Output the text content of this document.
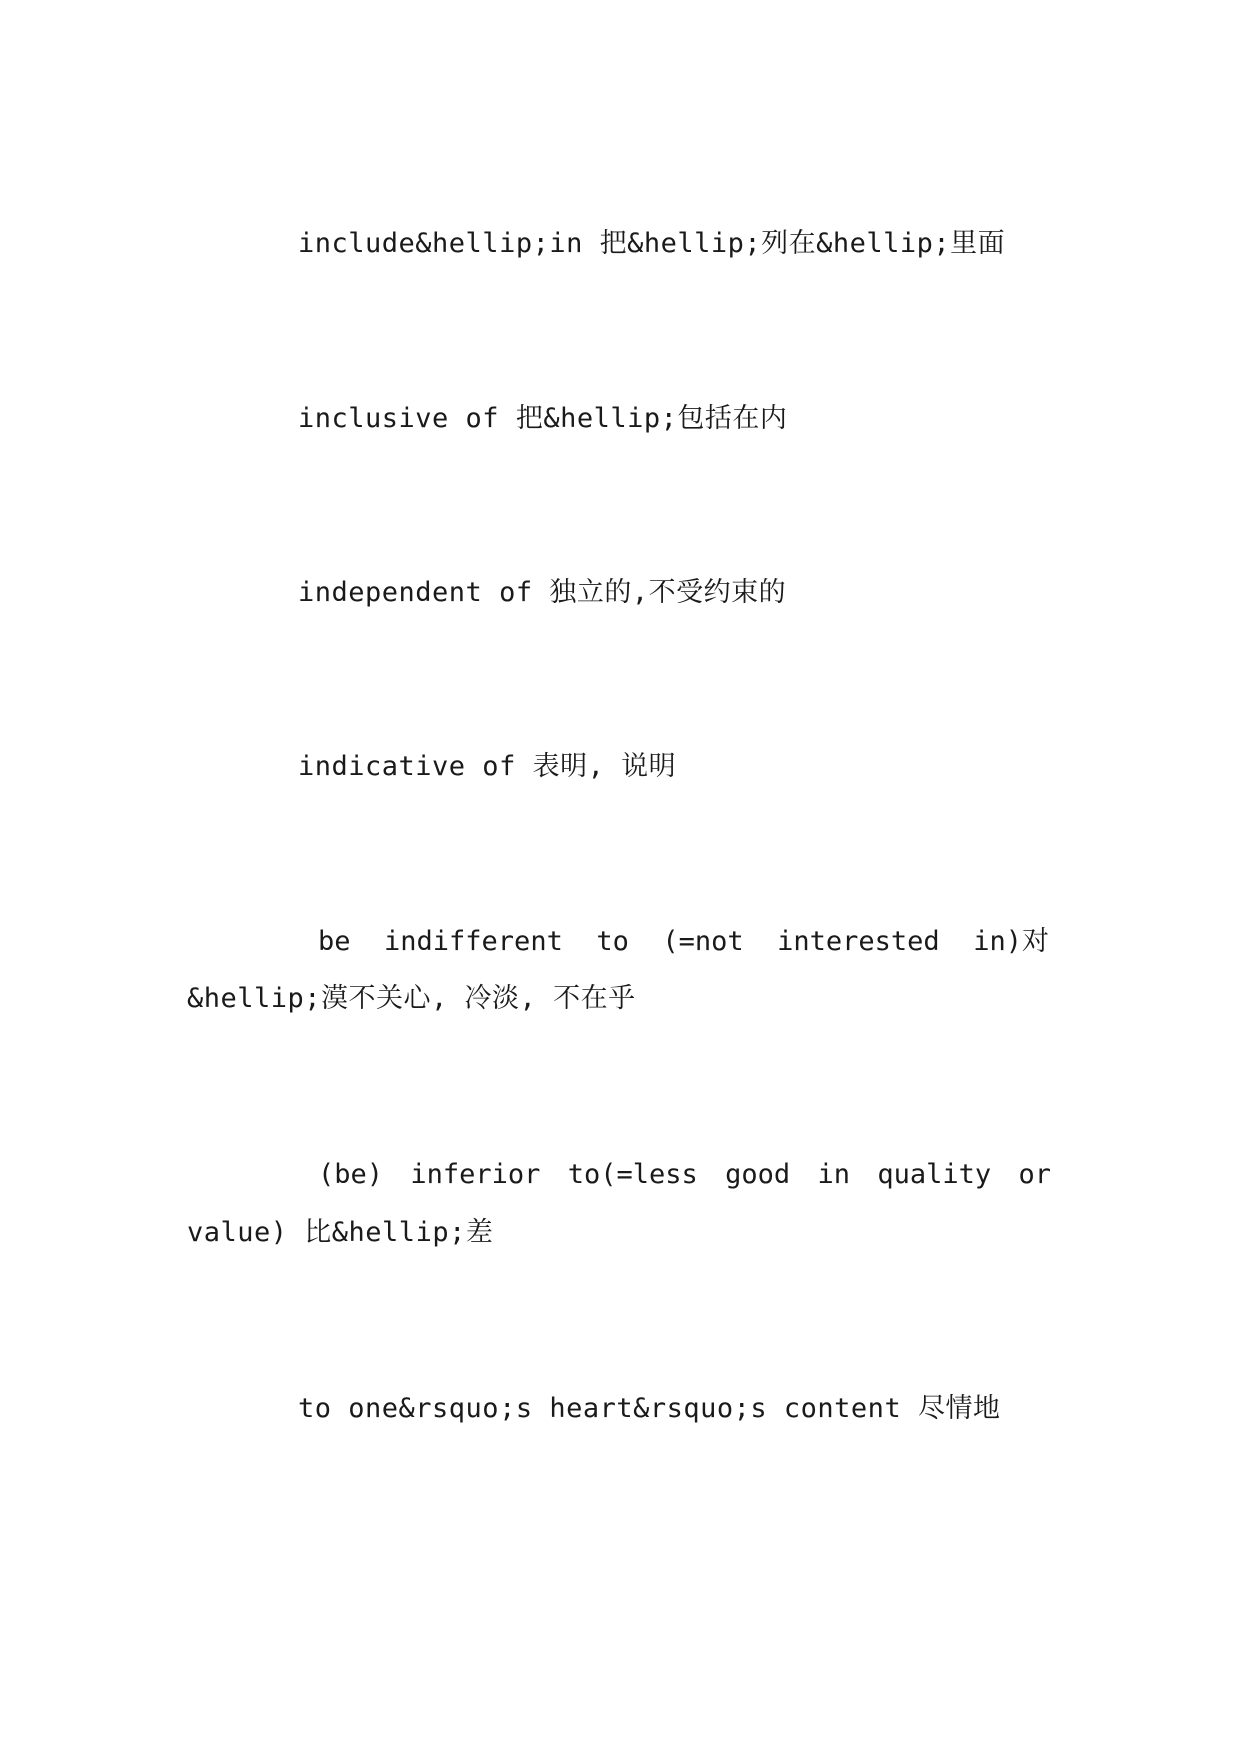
include&hellip;in 把&hellip;列在&hellip;里面
inclusive of 把&hellip;包括在内
independent of 独立的,不受约束的
indicative of 表明, 说明
be indifferent to (=not interested in)对
&hellip;漠不关心, 冷淡, 不在乎
(be) inferior to(=less good in quality or
value) 比&hellip;差
to one&rsquo;s heart&rsquo;s content 尽情地
